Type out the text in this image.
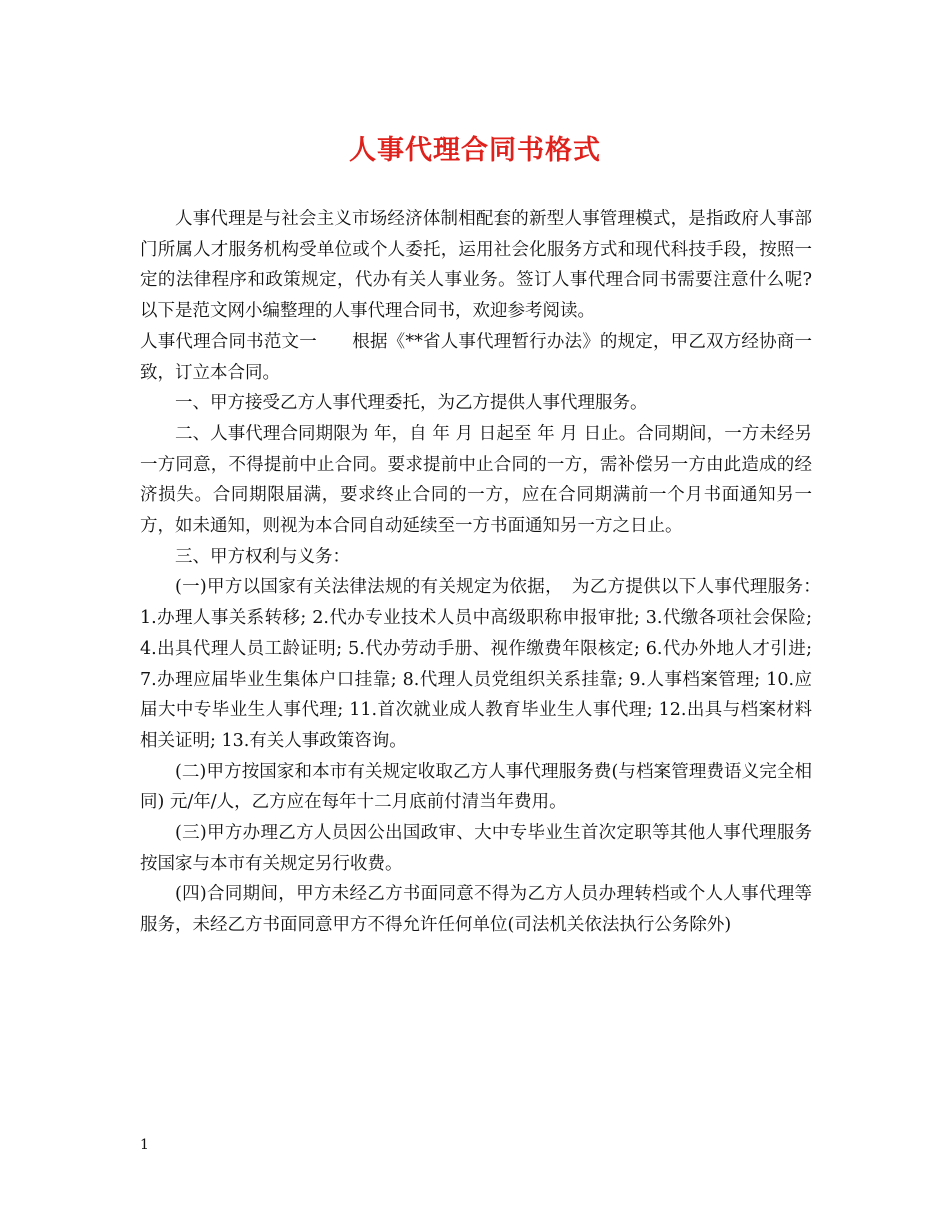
人事代理合同书格式

人事代理是与社会主义市场经济体制相配套的新型人事管理模式，是指政府人事部门所属人才服务机构受单位或个人委托，运用社会化服务方式和现代科技手段，按照一定的法律程序和政策规定，代办有关人事业务。签订人事代理合同书需要注意什么呢?以下是范文网小编整理的人事代理合同书，欢迎参考阅读。

人事代理合同书范文一　　根据《**省人事代理暂行办法》的规定，甲乙双方经协商一致，订立本合同。

一、甲方接受乙方人事代理委托，为乙方提供人事代理服务。

二、人事代理合同期限为 年，自 年 月 日起至 年 月 日止。合同期间，一方未经另一方同意，不得提前中止合同。要求提前中止合同的一方，需补偿另一方由此造成的经济损失。合同期限届满，要求终止合同的一方，应在合同期满前一个月书面通知另一方，如未通知，则视为本合同自动延续至一方书面通知另一方之日止。

三、甲方权利与义务：

(一)甲方以国家有关法律法规的有关规定为依据，　为乙方提供以下人事代理服务：　1.办理人事关系转移; 2.代办专业技术人员中高级职称申报审批; 3.代缴各项社会保险; 4.出具代理人员工龄证明; 5.代办劳动手册、视作缴费年限核定; 6.代办外地人才引进; 7.办理应届毕业生集体户口挂靠; 8.代理人员党组织关系挂靠; 9.人事档案管理; 10.应届大中专毕业生人事代理; 11.首次就业成人教育毕业生人事代理; 12.出具与档案材料相关证明; 13.有关人事政策咨询。

(二)甲方按国家和本市有关规定收取乙方人事代理服务费(与档案管理费语义完全相同) 元/年/人，乙方应在每年十二月底前付清当年费用。

(三)甲方办理乙方人员因公出国政审、大中专毕业生首次定职等其他人事代理服务按国家与本市有关规定另行收费。

(四)合同期间，甲方未经乙方书面同意不得为乙方人员办理转档或个人人事代理等服务，未经乙方书面同意甲方不得允许任何单位(司法机关依法执行公务除外)

1
